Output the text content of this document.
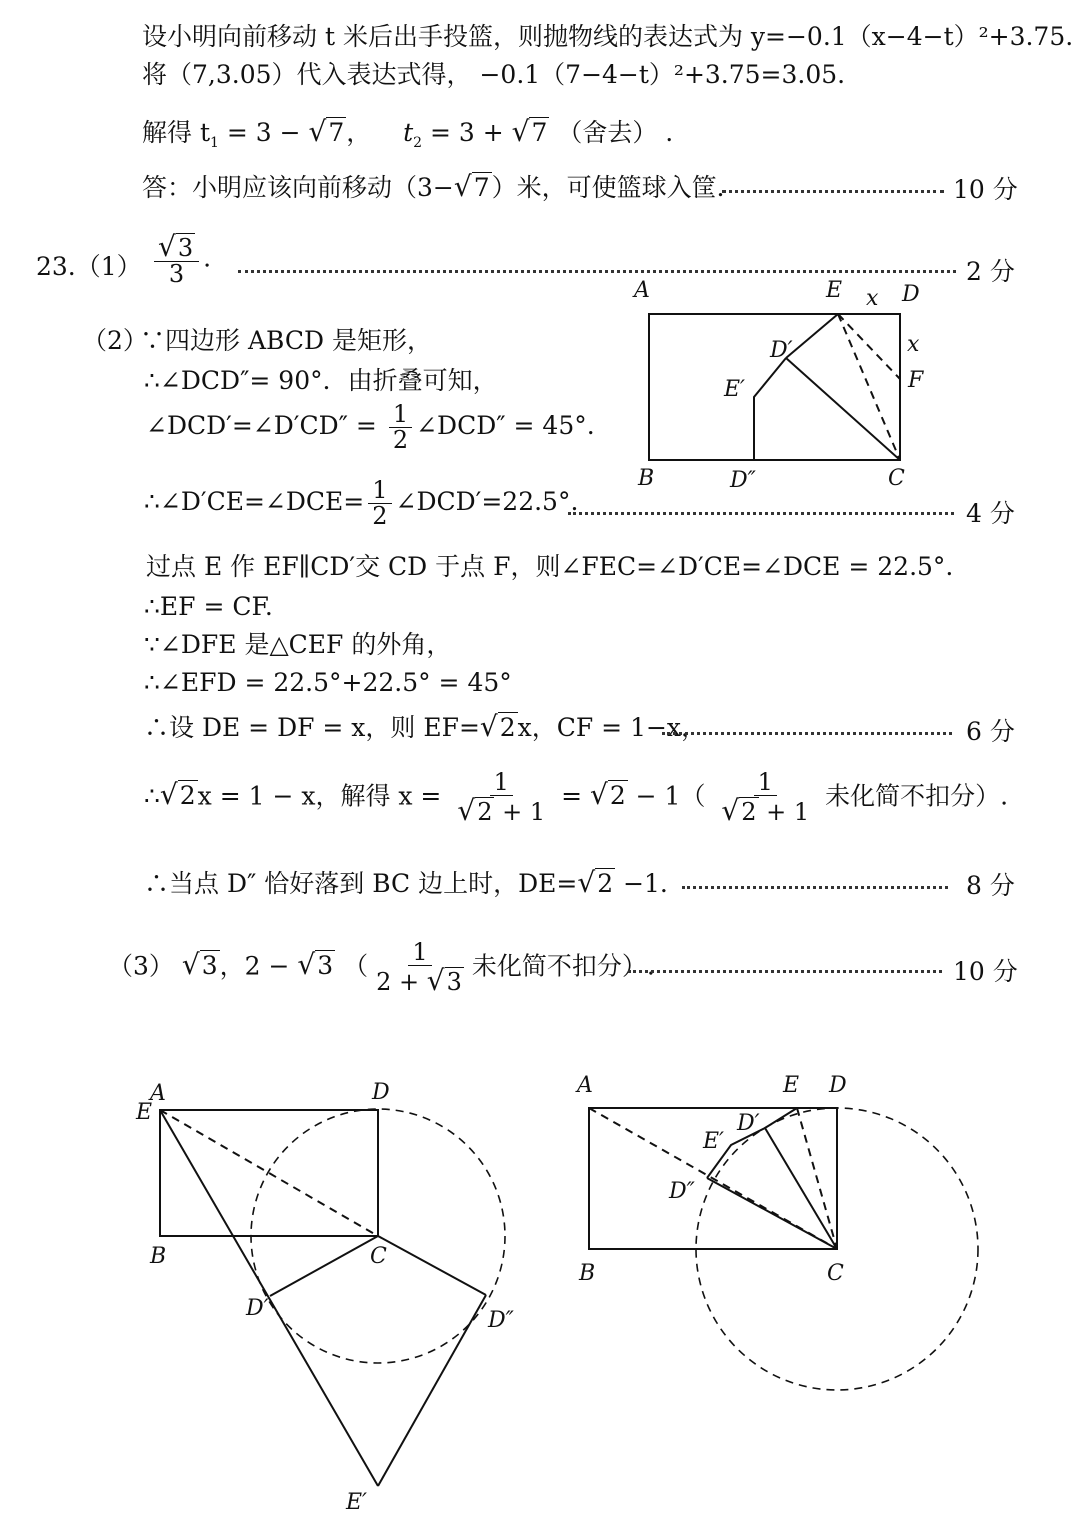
设小明向前移动 t 米后出手投篮，则抛物线的表达式为 y=−0.1（x−4−t）²+3.75.
将（7,3.05）代入表达式得， −0.1（7−4−t）²+3.75=3.05.
解得 $t_1 = 3 - √7$，    $t_2 = 3 + √7$ （舍去） .
答：小明应该向前移动（3−√7）米，可使篮球入筐．	10 分
$23.(1) \frac{√3}{3}$ .	2 分
（2）
∵四边形 ABCD 是矩形，
∴∠DCD″= 90°．由折叠可知，
∠DCD′=∠D′CD″ = $\frac{1}{2}$ ∠DCD″ = 45°.
∴∠D′CE=∠DCE= $\frac{1}{2}$ ∠DCD′=22.5°.	4 分
过点 E 作 EF∥CD′交 CD 于点 F，则∠FEC=∠D′CE=∠DCE = 22.5°.
∴EF = CF.
∵∠DFE 是△CEF 的外角，
∴∠EFD = 22.5°+22.5° = 45°
∴设 DE = DF = x，则 EF=√2x，CF = 1−x，	6 分
∴√2x = 1 − x，解得 $x = \frac{1}{√2 + 1} = √2 - 1( \frac{1}{√2 + 1}$ 未化简不扣分）.
∴当点 D″ 恰好落到 BC 边上时，DE=√2 −1．	8 分
（3） √3，2 − √3 （ $\frac{1}{2 + √3}$ 未化简不扣分）.	10 分
A	E x D
x
F
D′
E′
B	D″	C
A
E
D
B	C
D′	D″
E′
A	E D
D′
E′
D″
B	C
